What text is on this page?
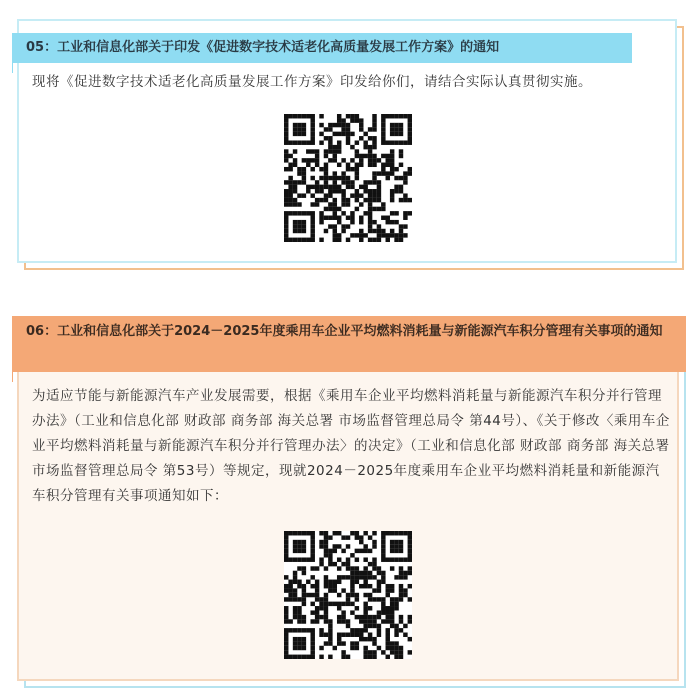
05：工业和信息化部关于印发《促进数字技术适老化高质量发展工作方案》的通知
现将《促进数字技术适老化高质量发展工作方案》印发给你们，请结合实际认真贯彻实施。
06：工业和信息化部关于2024－2025年度乘用车企业平均燃料消耗量与新能源汽车积分管理有关事项的通知
为适应节能与新能源汽车产业发展需要，根据《乘用车企业平均燃料消耗量与新能源汽车积分并行管理办法》（工业和信息化部 财政部 商务部 海关总署 市场监督管理总局令 第44号）、《关于修改〈乘用车企业平均燃料消耗量与新能源汽车积分并行管理办法〉的决定》（工业和信息化部 财政部 商务部 海关总署 市场监督管理总局令 第53号）等规定，现就2024－2025年度乘用车企业平均燃料消耗量和新能源汽车积分管理有关事项通知如下：
